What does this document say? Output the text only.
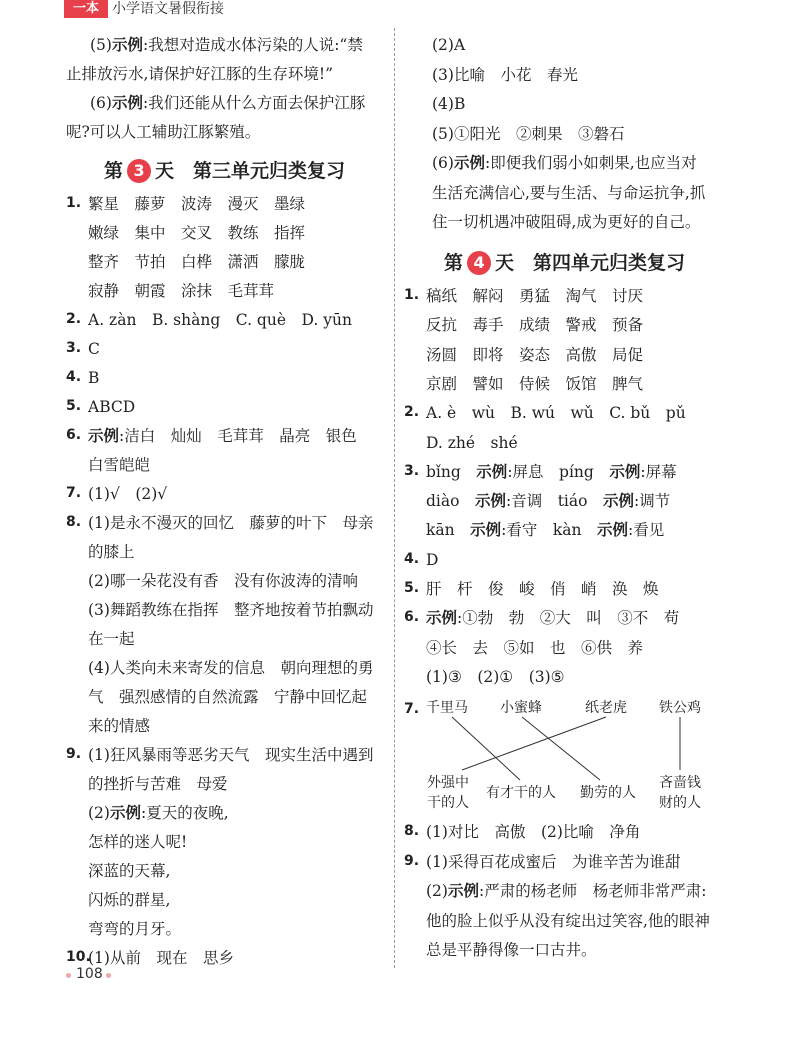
一本 小学语文暑假衔接
(5)示例:我想对造成水体污染的人说:“禁
止排放污水,请保护好江豚的生存环境!”
(6)示例:我们还能从什么方面去保护江豚
呢?可以人工辅助江豚繁殖。
第 3 天　第三单元归类复习
1. 繁星　藤萝　波涛　漫灭　墨绿
嫩绿　集中　交叉　教练　指挥
整齐　节拍　白桦　潇洒　朦胧
寂静　朝霞　涂抹　毛茸茸
2. A. zàn　B. shàng　C. què　D. yūn
3. C
4. B
5. ABCD
6. 示例:洁白　灿灿　毛茸茸　晶亮　银色
白雪皑皑
7. (1)√　(2)√
8. (1)是永不漫灭的回忆　藤萝的叶下　母亲
的膝上
(2)哪一朵花没有香　没有你波涛的清响
(3)舞蹈教练在指挥　整齐地按着节拍飘动
在一起
(4)人类向未来寄发的信息　朝向理想的勇
气　强烈感情的自然流露　宁静中回忆起
来的情感
9. (1)狂风暴雨等恶劣天气　现实生活中遇到
的挫折与苦难　母爱
(2)示例:夏天的夜晚,
怎样的迷人呢!
深蓝的天幕,
闪烁的群星,
弯弯的月牙。
10.
(1)从前　现在　思乡
(2)A
(3)比喻　小花　春光
(4)B
(5)①阳光　②刺果　③磐石
(6)示例:即便我们弱小如刺果,也应当对
生活充满信心,要与生活、与命运抗争,抓
住一切机遇冲破阻碍,成为更好的自己。
第 4 天　第四单元归类复习
1. 稿纸　解闷　勇猛　淘气　讨厌
反抗　毒手　成绩　警戒　预备
汤圆　即将　姿态　高傲　局促
京剧　譬如　侍候　饭馆　脾气
2. A. è　wù　B. wú　wǔ　C. bǔ　pǔ
D. zhé　shé
3. bǐng　示例:屏息　píng　示例:屏幕
diào　示例:音调　tiáo　示例:调节
kān　示例:看守　kàn　示例:看见
4. D
5. 肝　杆　俊　峻　俏　峭　涣　焕
6. 示例:①勃　勃　②大　叫　③不　苟
④长　去　⑤如　也　⑥供　养
(1)③　(2)①　(3)⑤
7. 千里马 小蜜蜂	纸老虎 铁公鸡
外强中
干的人
有才干的人 勤劳的人
吝啬钱
财的人
8. (1)对比　高傲　(2)比喻　净角
9. (1)采得百花成蜜后　为谁辛苦为谁甜
(2)示例:严肃的杨老师　杨老师非常严肃:
他的脸上似乎从没有绽出过笑容,他的眼神
总是平静得像一口古井。
108
